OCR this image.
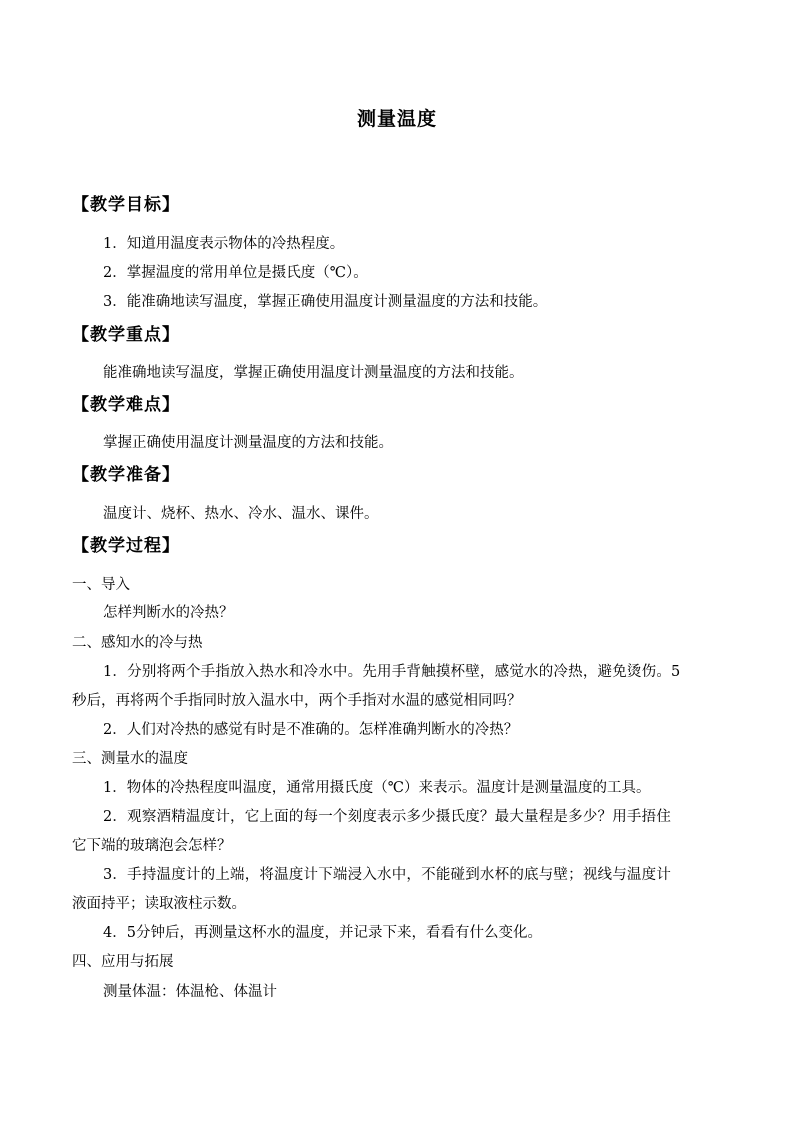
测量温度
【教学目标】
1．知道用温度表示物体的冷热程度。
2．掌握温度的常用单位是摄氏度（℃）。
3．能准确地读写温度，掌握正确使用温度计测量温度的方法和技能。
【教学重点】
能准确地读写温度，掌握正确使用温度计测量温度的方法和技能。
【教学难点】
掌握正确使用温度计测量温度的方法和技能。
【教学准备】
温度计、烧杯、热水、冷水、温水、课件。
【教学过程】
一、导入
怎样判断水的冷热？
二、感知水的冷与热
1．分别将两个手指放入热水和冷水中。先用手背触摸杯壁，感觉水的冷热，避免烫伤。5
秒后，再将两个手指同时放入温水中，两个手指对水温的感觉相同吗？
2．人们对冷热的感觉有时是不准确的。怎样准确判断水的冷热？
三、测量水的温度
1．物体的冷热程度叫温度，通常用摄氏度（℃）来表示。温度计是测量温度的工具。
2．观察酒精温度计，它上面的每一个刻度表示多少摄氏度？最大量程是多少？用手捂住
它下端的玻璃泡会怎样？
3．手持温度计的上端，将温度计下端浸入水中，不能碰到水杯的底与壁；视线与温度计
液面持平；读取液柱示数。
4．5分钟后，再测量这杯水的温度，并记录下来，看看有什么变化。
四、应用与拓展
测量体温：体温枪、体温计
